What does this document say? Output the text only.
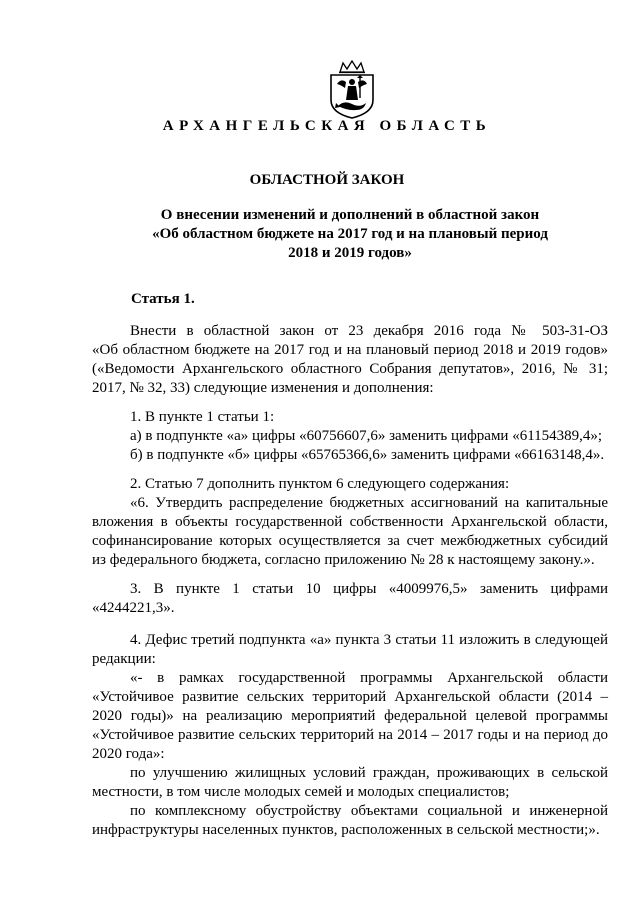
АРХАНГЕЛЬСКАЯ ОБЛАСТЬ
ОБЛАСТНОЙ ЗАКОН
О внесении изменений и дополнений в областной закон
«Об областном бюджете на 2017 год и на плановый период
2018 и 2019 годов»
Статья 1.
Внести в областной закон от 23 декабря 2016 года № 503-31-ОЗ
«Об областном бюджете на 2017 год и на плановый период 2018 и 2019 годов»
(«Ведомости Архангельского областного Собрания депутатов», 2016, № 31;
2017, № 32, 33) следующие изменения и дополнения:
1. В пункте 1 статьи 1:
а) в подпункте «а» цифры «60756607,6» заменить цифрами «61154389,4»;
б) в подпункте «б» цифры «65765366,6» заменить цифрами «66163148,4».
2. Статью 7 дополнить пунктом 6 следующего содержания:
«6. Утвердить распределение бюджетных ассигнований на капитальные
вложения в объекты государственной собственности Архангельской области,
софинансирование которых осуществляется за счет межбюджетных субсидий
из федерального бюджета, согласно приложению № 28 к настоящему закону.».
3. В пункте 1 статьи 10 цифры «4009976,5» заменить цифрами
«4244221,3».
4. Дефис третий подпункта «а» пункта 3 статьи 11 изложить в следующей
редакции:
«- в рамках государственной программы Архангельской области
«Устойчивое развитие сельских территорий Архангельской области (2014 –
2020 годы)» на реализацию мероприятий федеральной целевой программы
«Устойчивое развитие сельских территорий на 2014 – 2017 годы и на период до
2020 года»:
по улучшению жилищных условий граждан, проживающих в сельской
местности, в том числе молодых семей и молодых специалистов;
по комплексному обустройству объектами социальной и инженерной
инфраструктуры населенных пунктов, расположенных в сельской местности;».
